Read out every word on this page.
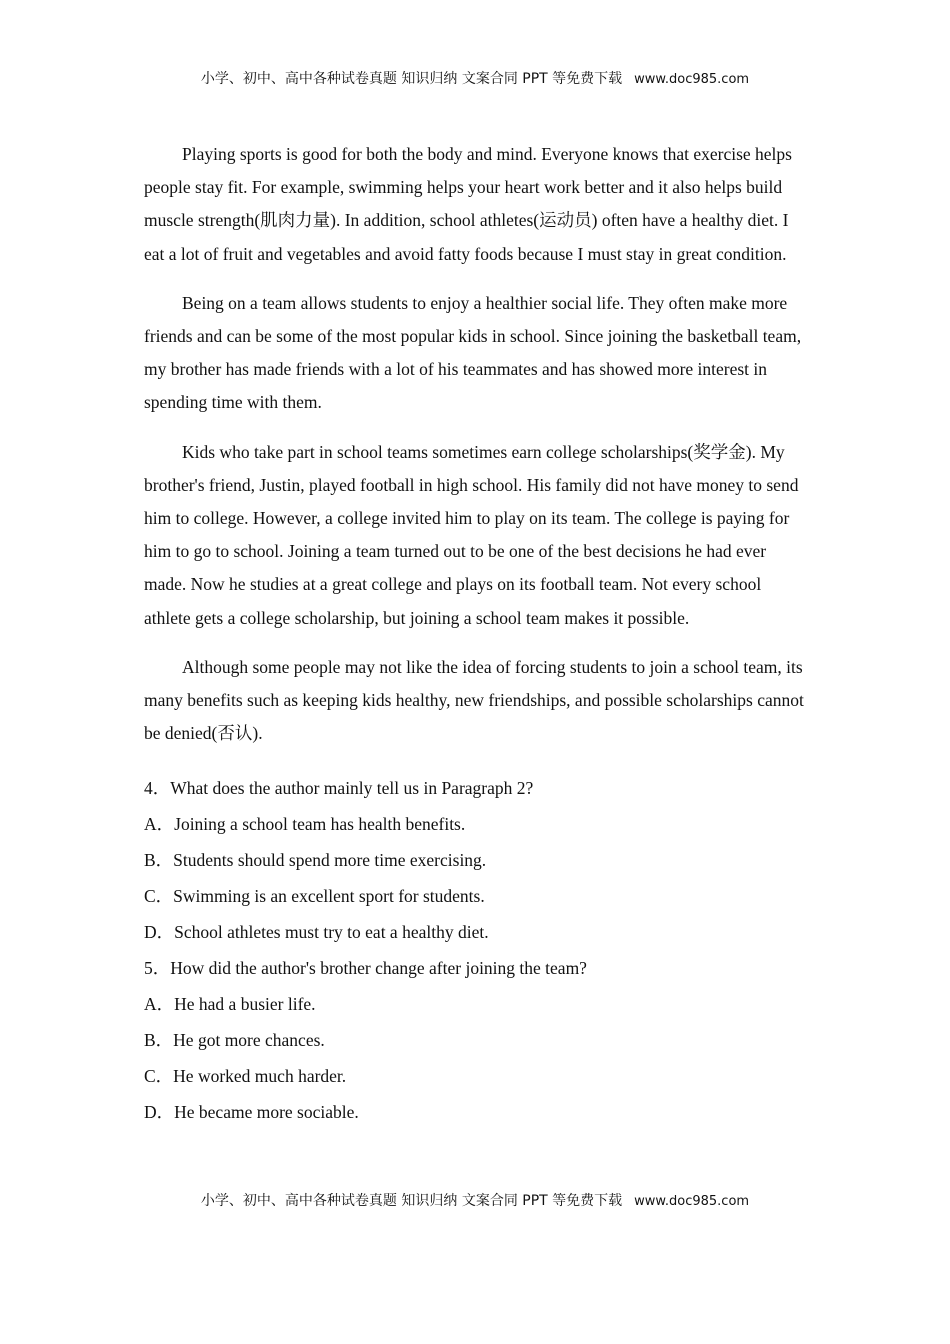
小学、初中、高中各种试卷真题 知识归纳 文案合同 PPT 等免费下载 www.doc985.com

Playing sports is good for both the body and mind. Everyone knows that exercise helps people stay fit. For example, swimming helps your heart work better and it also helps build muscle strength(肌肉力量). In addition, school athletes(运动员) often have a healthy diet. I eat a lot of fruit and vegetables and avoid fatty foods because I must stay in great condition.

Being on a team allows students to enjoy a healthier social life. They often make more friends and can be some of the most popular kids in school. Since joining the basketball team, my brother has made friends with a lot of his teammates and has showed more interest in spending time with them.

Kids who take part in school teams sometimes earn college scholarships(奖学金). My brother's friend, Justin, played football in high school. His family did not have money to send him to college. However, a college invited him to play on its team. The college is paying for him to go to school. Joining a team turned out to be one of the best decisions he had ever made. Now he studies at a great college and plays on its football team. Not every school athlete gets a college scholarship, but joining a school team makes it possible.

Although some people may not like the idea of forcing students to join a school team, its many benefits such as keeping kids healthy, new friendships, and possible scholarships cannot be denied(否认).

4．What does the author mainly tell us in Paragraph 2?
A．Joining a school team has health benefits.
B．Students should spend more time exercising.
C．Swimming is an excellent sport for students.
D．School athletes must try to eat a healthy diet.
5．How did the author's brother change after joining the team?
A．He had a busier life.
B．He got more chances.
C．He worked much harder.
D．He became more sociable.
小学、初中、高中各种试卷真题 知识归纳 文案合同 PPT 等免费下载 www.doc985.com
